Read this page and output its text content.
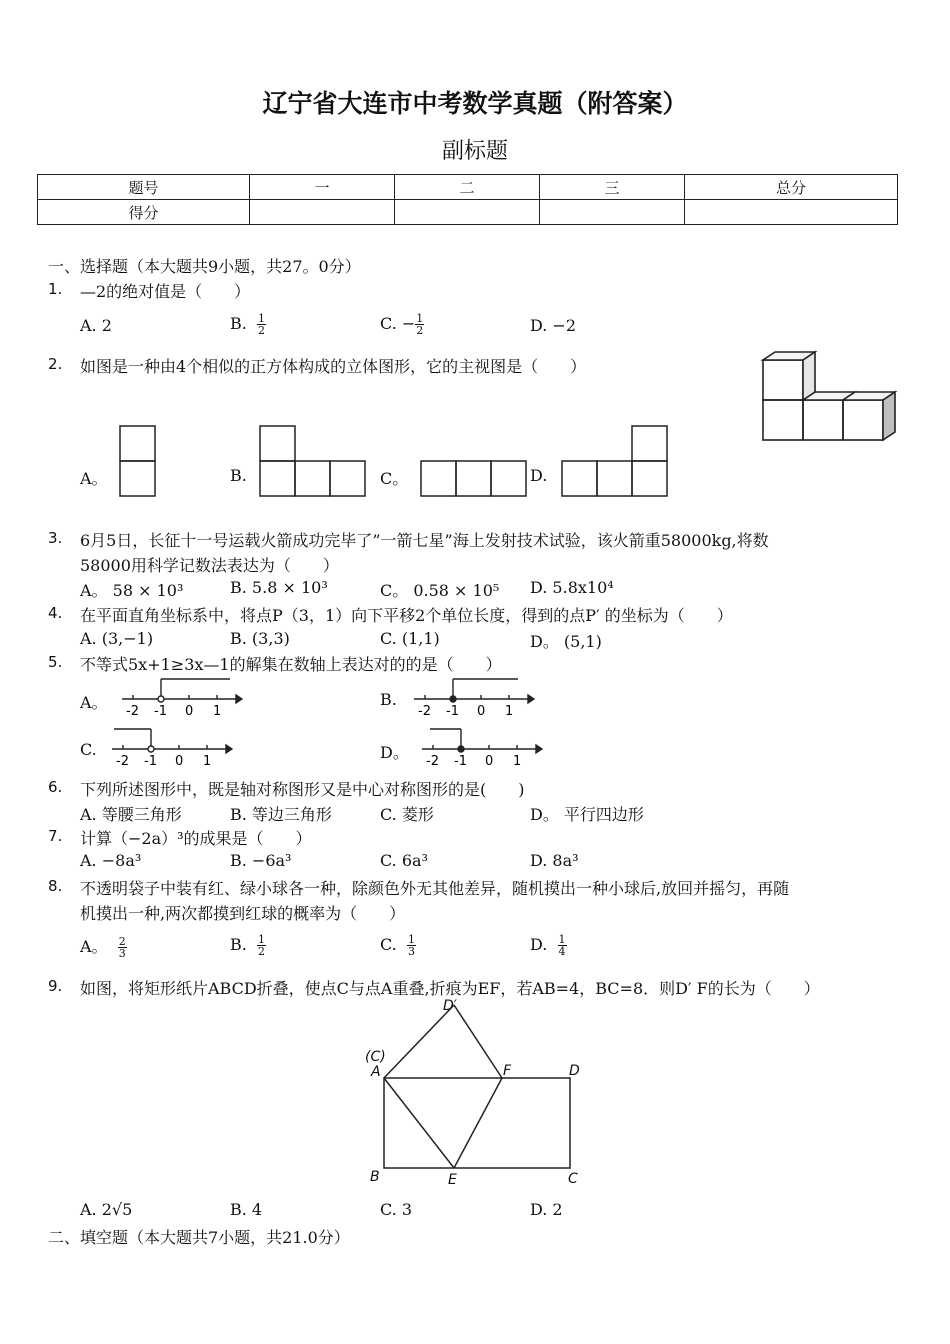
辽宁省大连市中考数学真题（附答案）
副标题
题号	一	二	三	总分
得分				
一、选择题（本大题共9小题，共27。0分）
1. —2的绝对值是（　　）
A. 2	B. $\frac{1}{2}$	C. − $\frac{1}{2}$	D. −2
2. 如图是一种由4个相似的正方体构成的立体图形，它的主视图是（　　）
A。	B.	C。	D.
3. 6月5日，长征十一号运载火箭成功完毕了”一箭七星”海上发射技术试验，该火箭重58000kg,将数
58000用科学记数法表达为（　　）
A。 58 × 10³	B. 5.8 × 10³	C。 0.58 × 10⁵ D. 5.8x10⁴
4. 在平面直角坐标系中，将点P（3，1）向下平移2个单位长度，得到的点P′ 的坐标为（　　）
A. (3,−1)	B. (3,3)	C. (1,1)	D。 (5,1)
5. 不等式5x+1≥3x—1的解集在数轴上表达对的的是（　　）
A。 -2 -1 0 1
B.
-2 -1 0 1
C.
-2 -1 0 1	D。 -2 -1 0 1
6. 下列所述图形中，既是轴对称图形又是中心对称图形的是(　　)
A. 等腰三角形	B. 等边三角形	C. 菱形	D。 平行四边形
7. 计算（−2a）³的成果是（　　）
A. −8a³	B. −6a³	C. 6a³	D. 8a³
8. 不透明袋子中装有红、绿小球各一种，除颜色外无其他差异，随机摸出一种小球后,放回并摇匀，再随
机摸出一种,两次都摸到红球的概率为（　　）
A。 $\frac{2}{3}$	B. $\frac{1}{2}$	C. $\frac{1}{3}$	D. $\frac{1}{4}$
9. 如图，将矩形纸片ABCD折叠，使点C与点A重叠,折痕为EF，若AB=4，BC=8．则D′ F的长为（　　）
D′
(C)
A	F	D
B	E	C
A. 2√5	B. 4	C. 3	D. 2
二、填空题（本大题共7小题，共21.0分）
